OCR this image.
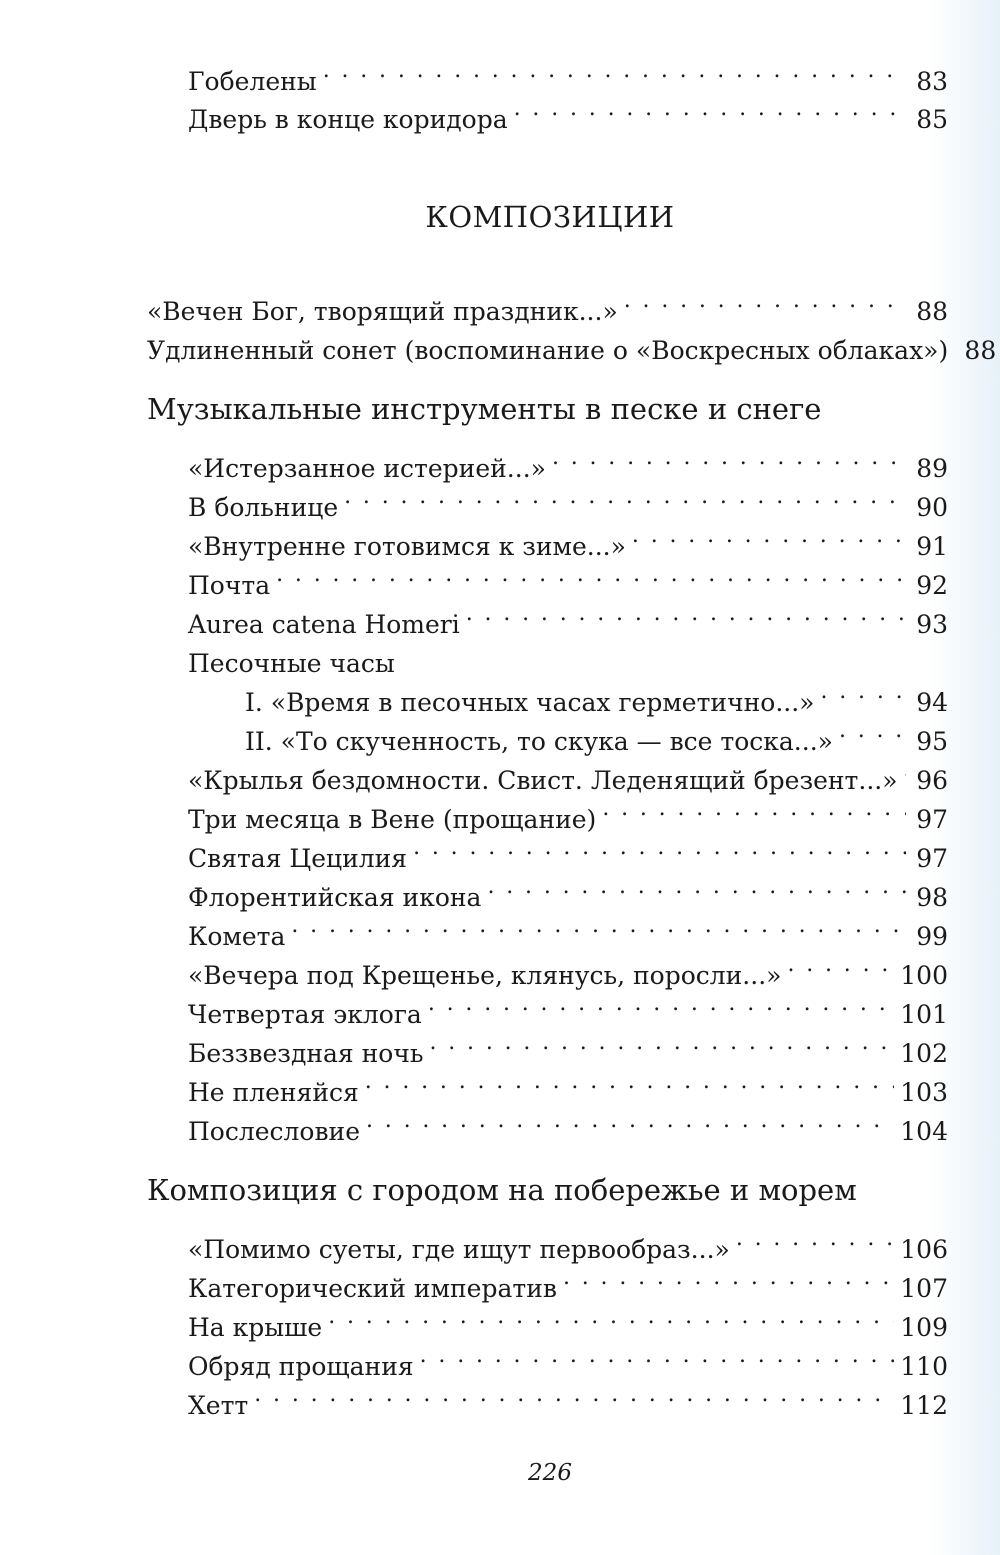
Гобелены . . .	83
Дверь в конце коридора . . .	85
КОМПОЗИЦИИ
«Вечен Бог, творящий праздник...» . . .	88
Удлиненный сонет (воспоминание о «Воскресных облаках») 88
Музыкальные инструменты в песке и снеге
«Истерзанное истерией...» . . .	89
В больнице . . .	90
«Внутренне готовимся к зиме...» . . .	91
Почта . . .	92
Aurea catena Homeri . . .	93
Песочные часы
I. «Время в песочных часах герметично...» . . .	94
II. «То скученность, то скука — все тоска...» . . .	95
«Крылья бездомности. Свист. Леденящий брезент...» . . . 96
Три месяца в Вене (прощание) . . .	97
Святая Цецилия . . .	97
Флорентийская икона . . .	98
Комета . . .	99
«Вечера под Крещенье, клянусь, поросли...» . . .	100
Четвертая эклога . . .	101
Беззвездная ночь . . .	102
Не пленяйся . . .	103
Послесловие . . .	104
Композиция с городом на побережье и морем
«Помимо суеты, где ищут первообраз...» . . .	106
Категорический императив . . .	107
На крыше . . .	109
Обряд прощания . . .	110
Хетт . . .	112
226
